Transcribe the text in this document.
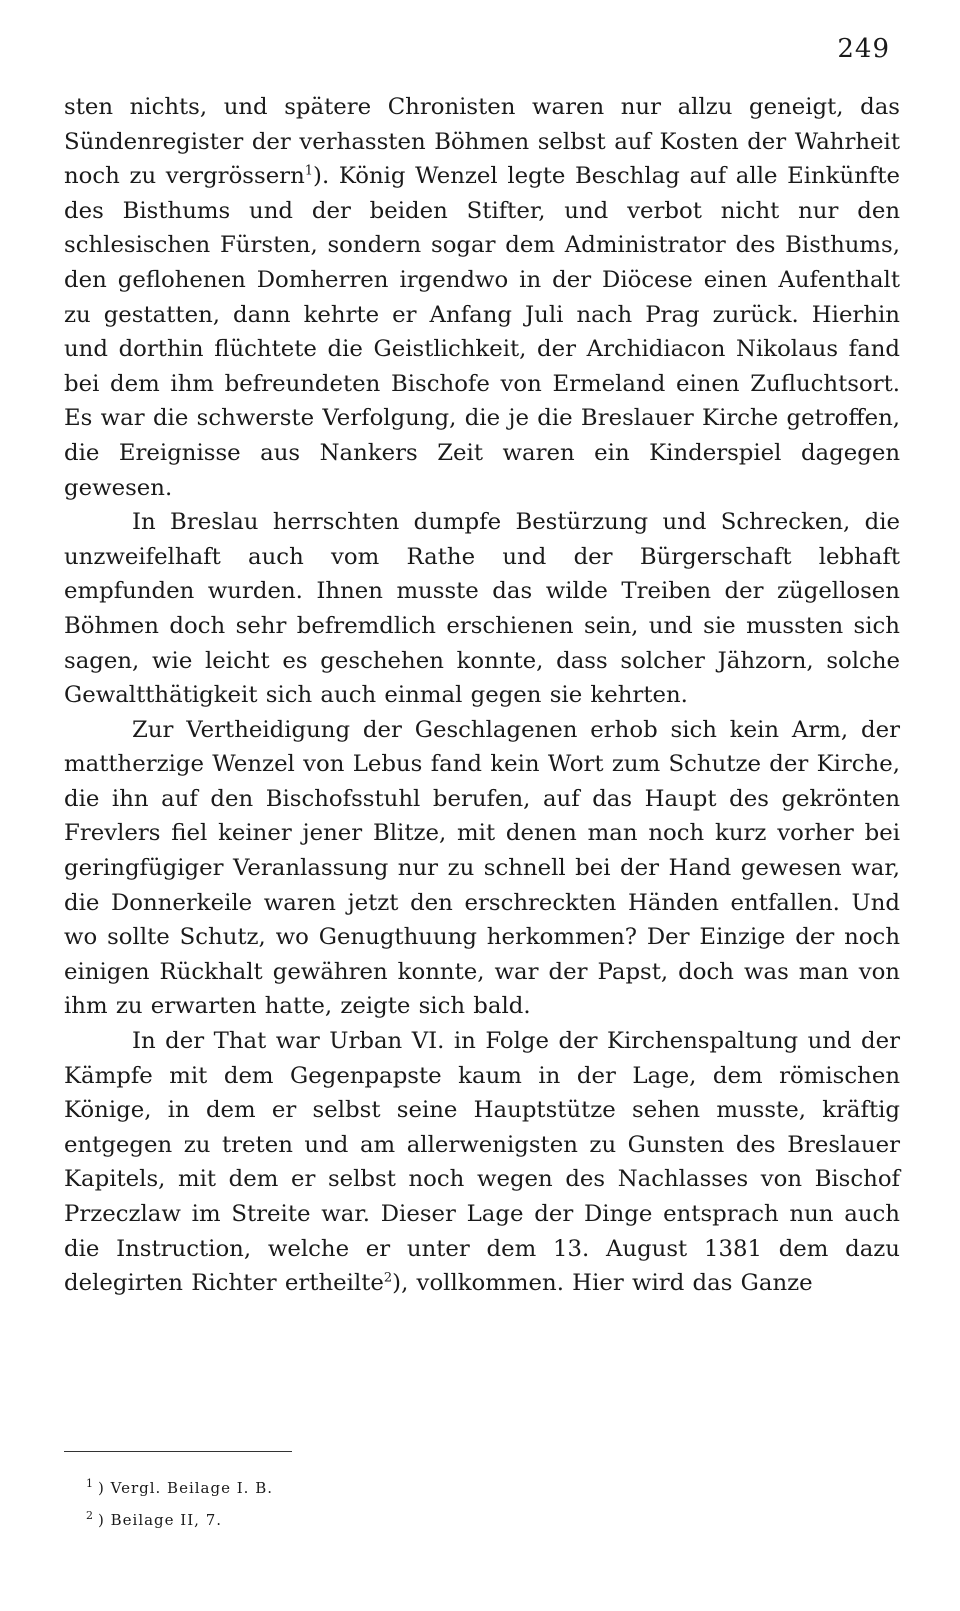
249

sten nichts, und spätere Chronisten waren nur allzu geneigt, das Sündenregister der verhassten Böhmen selbst auf Kosten der Wahrheit noch zu vergrössern$^1$). König Wenzel legte Beschlag auf alle Einkünfte des Bisthums und der beiden Stifter, und verbot nicht nur den schlesischen Fürsten, sondern sogar dem Administrator des Bisthums, den geflohenen Domherren irgendwo in der Diöcese einen Aufenthalt zu gestatten, dann kehrte er Anfang Juli nach Prag zurück. Hierhin und dorthin flüchtete die Geistlichkeit, der Archidiacon Nikolaus fand bei dem ihm befreundeten Bischofe von Ermeland einen Zufluchtsort. Es war die schwerste Verfolgung, die je die Breslauer Kirche getroffen, die Ereignisse aus Nankers Zeit waren ein Kinderspiel dagegen gewesen.

In Breslau herrschten dumpfe Bestürzung und Schrecken, die unzweifelhaft auch vom Rathe und der Bürgerschaft lebhaft empfunden wurden. Ihnen musste das wilde Treiben der zügellosen Böhmen doch sehr befremdlich erschienen sein, und sie mussten sich sagen, wie leicht es geschehen konnte, dass solcher Jähzorn, solche Gewaltthätigkeit sich auch einmal gegen sie kehrten.

Zur Vertheidigung der Geschlagenen erhob sich kein Arm, der mattherzige Wenzel von Lebus fand kein Wort zum Schutze der Kirche, die ihn auf den Bischofsstuhl berufen, auf das Haupt des gekrönten Frevlers fiel keiner jener Blitze, mit denen man noch kurz vorher bei geringfügiger Veranlassung nur zu schnell bei der Hand gewesen war, die Donnerkeile waren jetzt den erschreckten Händen entfallen. Und wo sollte Schutz, wo Genugthuung herkommen? Der Einzige der noch einigen Rückhalt gewähren konnte, war der Papst, doch was man von ihm zu erwarten hatte, zeigte sich bald.

In der That war Urban VI. in Folge der Kirchenspaltung und der Kämpfe mit dem Gegenpapste kaum in der Lage, dem römischen Könige, in dem er selbst seine Hauptstütze sehen musste, kräftig entgegen zu treten und am allerwenigsten zu Gunsten des Breslauer Kapitels, mit dem er selbst noch wegen des Nachlasses von Bischof Przeczlaw im Streite war. Dieser Lage der Dinge entsprach nun auch die Instruction, welche er unter dem 13. August 1381 dem dazu delegirten Richter ertheilte$^2$), vollkommen. Hier wird das Ganze

$^1$ ) Vergl. Beilage I. B.
$^2$ ) Beilage II, 7.
